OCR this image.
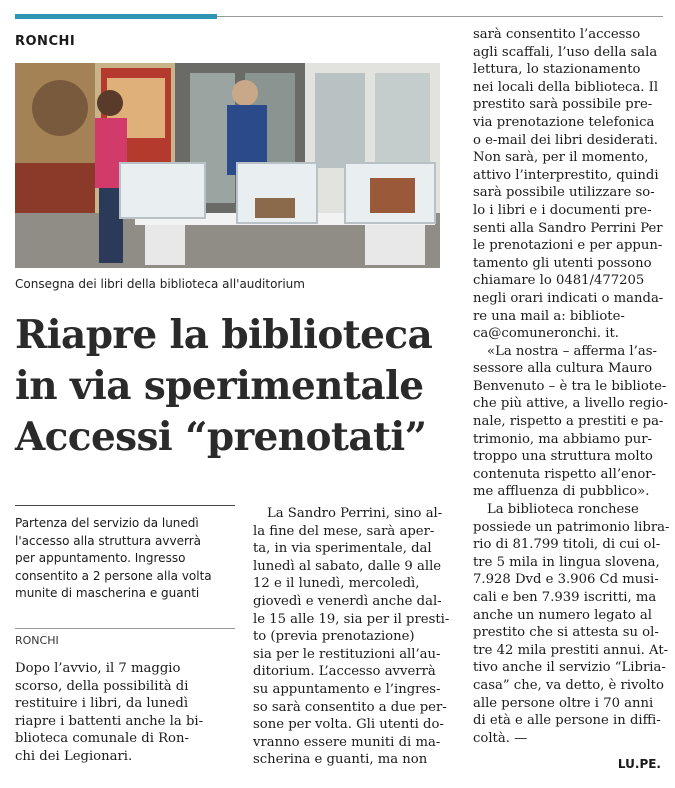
RONCHI
Consegna dei libri della biblioteca all'auditorium
Riapre la biblioteca
in via sperimentale
Accessi “prenotati”
Partenza del servizio da lunedì
l'accesso alla struttura avverrà
per appuntamento. Ingresso
consentito a 2 persone alla volta
munite di mascherina e guanti
RONCHI
Dopo l’avvio, il 7 maggio
scorso, della possibilità di
restituire i libri, da lunedì
riapre i battenti anche la bi-
blioteca comunale di Ron-
chi dei Legionari.
La Sandro Perrini, sino al-
la fine del mese, sarà aper-
ta, in via sperimentale, dal
lunedì al sabato, dalle 9 alle
12 e il lunedì, mercoledì,
giovedì e venerdì anche dal-
le 15 alle 19, sia per il presti-
to (previa prenotazione)
sia per le restituzioni all’au-
ditorium. L’accesso avverrà
su appuntamento e l’ingres-
so sarà consentito a due per-
sone per volta. Gli utenti do-
vranno essere muniti di ma-
scherina e guanti, ma non
sarà consentito l’accesso
agli scaffali, l’uso della sala
lettura, lo stazionamento
nei locali della biblioteca. Il
prestito sarà possibile pre-
via prenotazione telefonica
o e-mail dei libri desiderati.
Non sarà, per il momento,
attivo l’interprestito, quindi
sarà possibile utilizzare so-
lo i libri e i documenti pre-
senti alla Sandro Perrini Per
le prenotazioni e per appun-
tamento gli utenti possono
chiamare lo 0481/477205
negli orari indicati o manda-
re una mail a: bibliote-
ca@comuneronchi. it.
«La nostra – afferma l’as-
sessore alla cultura Mauro
Benvenuto – è tra le bibliote-
che più attive, a livello regio-
nale, rispetto a prestiti e pa-
trimonio, ma abbiamo pur-
troppo una struttura molto
contenuta rispetto all’enor-
me affluenza di pubblico».
La biblioteca ronchese
possiede un patrimonio libra-
rio di 81.799 titoli, di cui ol-
tre 5 mila in lingua slovena,
7.928 Dvd e 3.906 Cd musi-
cali e ben 7.939 iscritti, ma
anche un numero legato al
prestito che si attesta su ol-
tre 42 mila prestiti annui. At-
tivo anche il servizio “Libria-
casa” che, va detto, è rivolto
alle persone oltre i 70 anni
di età e alle persone in diffi-
coltà. —
LU.PE.
